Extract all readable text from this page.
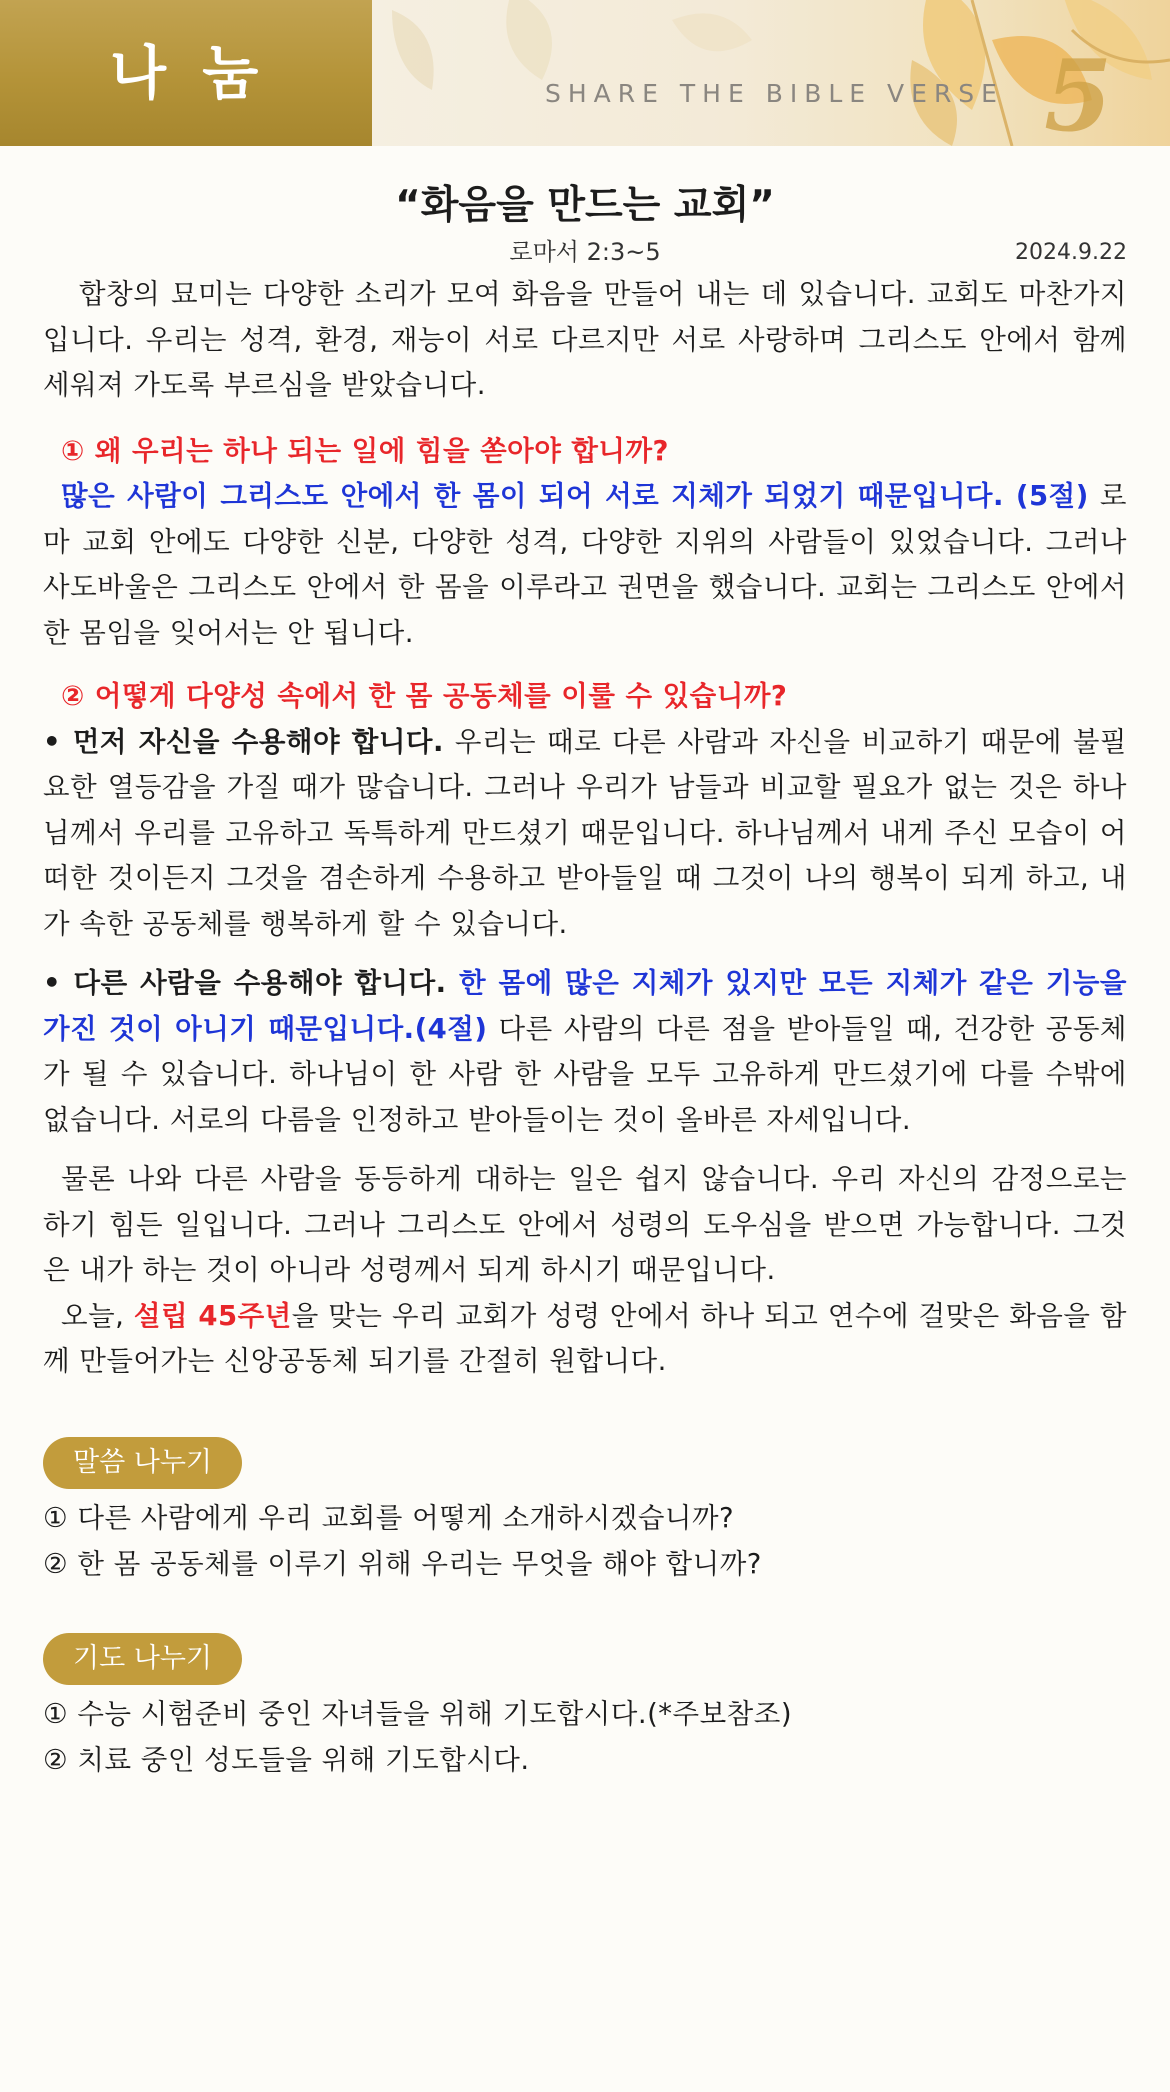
나 눔	SHARE THE BIBLE VERSE 5
“화음을 만드는 교회”
로마서 2:3~5	2024.9.22

합창의 묘미는 다양한 소리가 모여 화음을 만들어 내는 데 있습니다. 교회도 마찬가지입니다. 우리는 성격, 환경, 재능이 서로 다르지만 서로 사랑하며 그리스도 안에서 함께 세워져 가도록 부르심을 받았습니다.

① 왜 우리는 하나 되는 일에 힘을 쏟아야 합니까?

많은 사람이 그리스도 안에서 한 몸이 되어 서로 지체가 되었기 때문입니다. (5절) 로마 교회 안에도 다양한 신분, 다양한 성격, 다양한 지위의 사람들이 있었습니다. 그러나 사도바울은 그리스도 안에서 한 몸을 이루라고 권면을 했습니다. 교회는 그리스도 안에서 한 몸임을 잊어서는 안 됩니다.

② 어떻게 다양성 속에서 한 몸 공동체를 이룰 수 있습니까?

• 먼저 자신을 수용해야 합니다. 우리는 때로 다른 사람과 자신을 비교하기 때문에 불필요한 열등감을 가질 때가 많습니다. 그러나 우리가 남들과 비교할 필요가 없는 것은 하나님께서 우리를 고유하고 독특하게 만드셨기 때문입니다. 하나님께서 내게 주신 모습이 어떠한 것이든지 그것을 겸손하게 수용하고 받아들일 때 그것이 나의 행복이 되게 하고, 내가 속한 공동체를 행복하게 할 수 있습니다.

• 다른 사람을 수용해야 합니다. 한 몸에 많은 지체가 있지만 모든 지체가 같은 기능을 가진 것이 아니기 때문입니다.(4절) 다른 사람의 다른 점을 받아들일 때, 건강한 공동체가 될 수 있습니다. 하나님이 한 사람 한 사람을 모두 고유하게 만드셨기에 다를 수밖에 없습니다. 서로의 다름을 인정하고 받아들이는 것이 올바른 자세입니다.

물론 나와 다른 사람을 동등하게 대하는 일은 쉽지 않습니다. 우리 자신의 감정으로는 하기 힘든 일입니다. 그러나 그리스도 안에서 성령의 도우심을 받으면 가능합니다. 그것은 내가 하는 것이 아니라 성령께서 되게 하시기 때문입니다.

오늘, 설립 45주년을 맞는 우리 교회가 성령 안에서 하나 되고 연수에 걸맞은 화음을 함께 만들어가는 신앙공동체 되기를 간절히 원합니다.

말씀 나누기
① 다른 사람에게 우리 교회를 어떻게 소개하시겠습니까?
② 한 몸 공동체를 이루기 위해 우리는 무엇을 해야 합니까?
기도 나누기
① 수능 시험준비 중인 자녀들을 위해 기도합시다.(*주보참조)
② 치료 중인 성도들을 위해 기도합시다.
